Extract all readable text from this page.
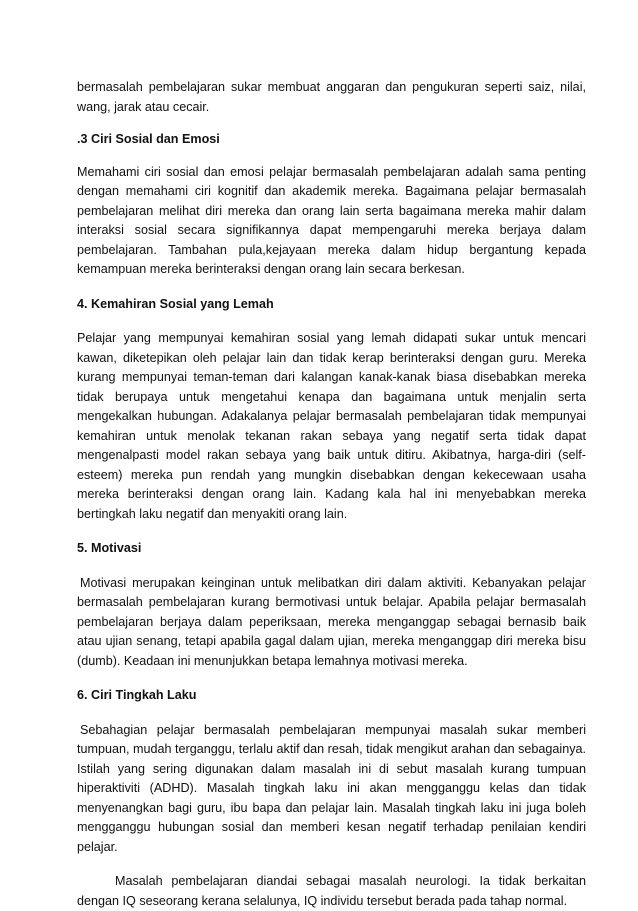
bermasalah pembelajaran sukar membuat anggaran dan pengukuran seperti saiz, nilai, wang, jarak atau cecair.

.3 Ciri Sosial dan Emosi

Memahami ciri sosial dan emosi pelajar bermasalah pembelajaran adalah sama penting dengan memahami ciri kognitif dan akademik mereka. Bagaimana pelajar bermasalah pembelajaran melihat diri mereka dan orang lain serta bagaimana mereka mahir dalam interaksi sosial secara signifikannya dapat mempengaruhi mereka berjaya dalam pembelajaran. Tambahan pula,kejayaan mereka dalam hidup bergantung kepada kemampuan mereka berinteraksi dengan orang lain secara berkesan.

4. Kemahiran Sosial yang Lemah

Pelajar yang mempunyai kemahiran sosial yang lemah didapati sukar untuk mencari kawan, diketepikan oleh pelajar lain dan tidak kerap berinteraksi dengan guru. Mereka kurang mempunyai teman-teman dari kalangan kanak-kanak biasa disebabkan mereka tidak berupaya untuk mengetahui kenapa dan bagaimana untuk menjalin serta mengekalkan hubungan. Adakalanya pelajar bermasalah pembelajaran tidak mempunyai kemahiran untuk menolak tekanan rakan sebaya yang negatif serta tidak dapat mengenalpasti model rakan sebaya yang baik untuk ditiru. Akibatnya, harga-diri (self-esteem) mereka pun rendah yang mungkin disebabkan dengan kekecewaan usaha mereka berinteraksi dengan orang lain. Kadang kala hal ini menyebabkan mereka bertingkah laku negatif dan menyakiti orang lain.

5. Motivasi

Motivasi merupakan keinginan untuk melibatkan diri dalam aktiviti. Kebanyakan pelajar bermasalah pembelajaran kurang bermotivasi untuk belajar. Apabila pelajar bermasalah pembelajaran berjaya dalam peperiksaan, mereka menganggap sebagai bernasib baik atau ujian senang, tetapi apabila gagal dalam ujian, mereka menganggap diri mereka bisu (dumb). Keadaan ini menunjukkan betapa lemahnya motivasi mereka.

6. Ciri Tingkah Laku

Sebahagian pelajar bermasalah pembelajaran mempunyai masalah sukar memberi tumpuan, mudah terganggu, terlalu aktif dan resah, tidak mengikut arahan dan sebagainya. Istilah yang sering digunakan dalam masalah ini di sebut masalah kurang tumpuan hiperaktiviti (ADHD). Masalah tingkah laku ini akan mengganggu kelas dan tidak menyenangkan bagi guru, ibu bapa dan pelajar lain. Masalah tingkah laku ini juga boleh mengganggu hubungan sosial dan memberi kesan negatif terhadap penilaian kendiri pelajar.

Masalah pembelajaran diandai sebagai masalah neurologi. Ia tidak berkaitan dengan IQ seseorang kerana selalunya, IQ individu tersebut berada pada tahap normal.
